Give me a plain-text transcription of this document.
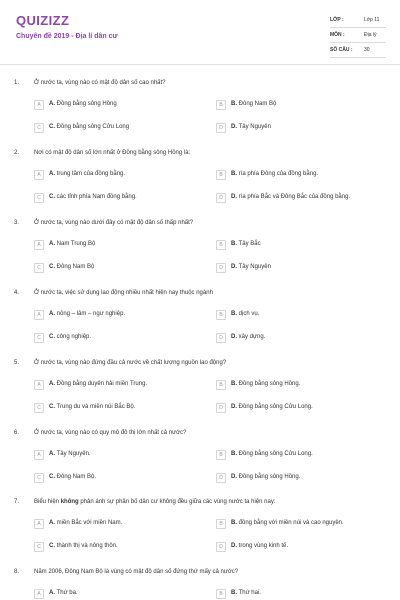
QUIZIZZ
Chuyên đề 2019 - Địa lí dân cư
LỚP :	Lớp 11
MÔN :	Địa lý
SỐ CÂU : 30
1. Ở nước ta, vùng nào có mật độ dân số cao nhất?
A	A. Đồng bằng sông Hồng	B	B. Đông Nam Bộ
C	C. Đồng bằng sông Cửu Long	D	D. Tây Nguyên
2. Nơi có mật độ dân số lớn nhất ở Đồng bằng sông Hồng là:
A	A. trung tâm của đồng bằng.	B	B. rìa phía Đông của đồng bằng.
C	C. các tỉnh phía Nam đồng bằng.	D	D. rìa phía Bắc và Đông Bắc của đồng bằng.
3. Ở nước ta, vùng nào dưới đây có mật độ dân số thấp nhất?
A	A. Nam Trung Bộ	B	B. Tây Bắc
C	C. Đông Nam Bộ	D	D. Tây Nguyên
4. Ở nước ta, việc sử dụng lao động nhiều nhất hiện nay thuộc ngành
A	A. nông – lâm – ngư nghiệp.	B	B. dịch vụ.
C	C. công nghiệp.	D	D. xây dựng.
5. Ở nước ta, vùng nào đứng đầu cả nước về chất lượng nguồn lao động?
A	A. Đồng bằng duyên hải miền Trung.	B	B. Đồng bằng sông Hồng.
C	C. Trung du và miền núi Bắc Bộ.	D	D. Đồng bằng sông Cửu Long.
6. Ở nước ta, vùng nào có quy mô đô thị lớn nhất cả nước?
A	A. Tây Nguyên.	B	B. Đồng bằng sông Cửu Long.
C	C. Đông Nam Bộ.	D	D. Đồng bằng sông Hồng.
7. Biểu hiện không phản ánh sự phân bố dân cư không đều giữa các vùng nước ta hiện nay:
A	A. miền Bắc với miền Nam.	B	B. đồng bằng với miền núi và cao nguyên.
C	C. thành thị và nông thôn.	D	D. trong vùng kinh tế.
8. Năm 2006, Đông Nam Bộ là vùng có mật độ dân số đứng thứ mấy cả nước?
A	A. Thứ ba.	B	B. Thứ hai.
